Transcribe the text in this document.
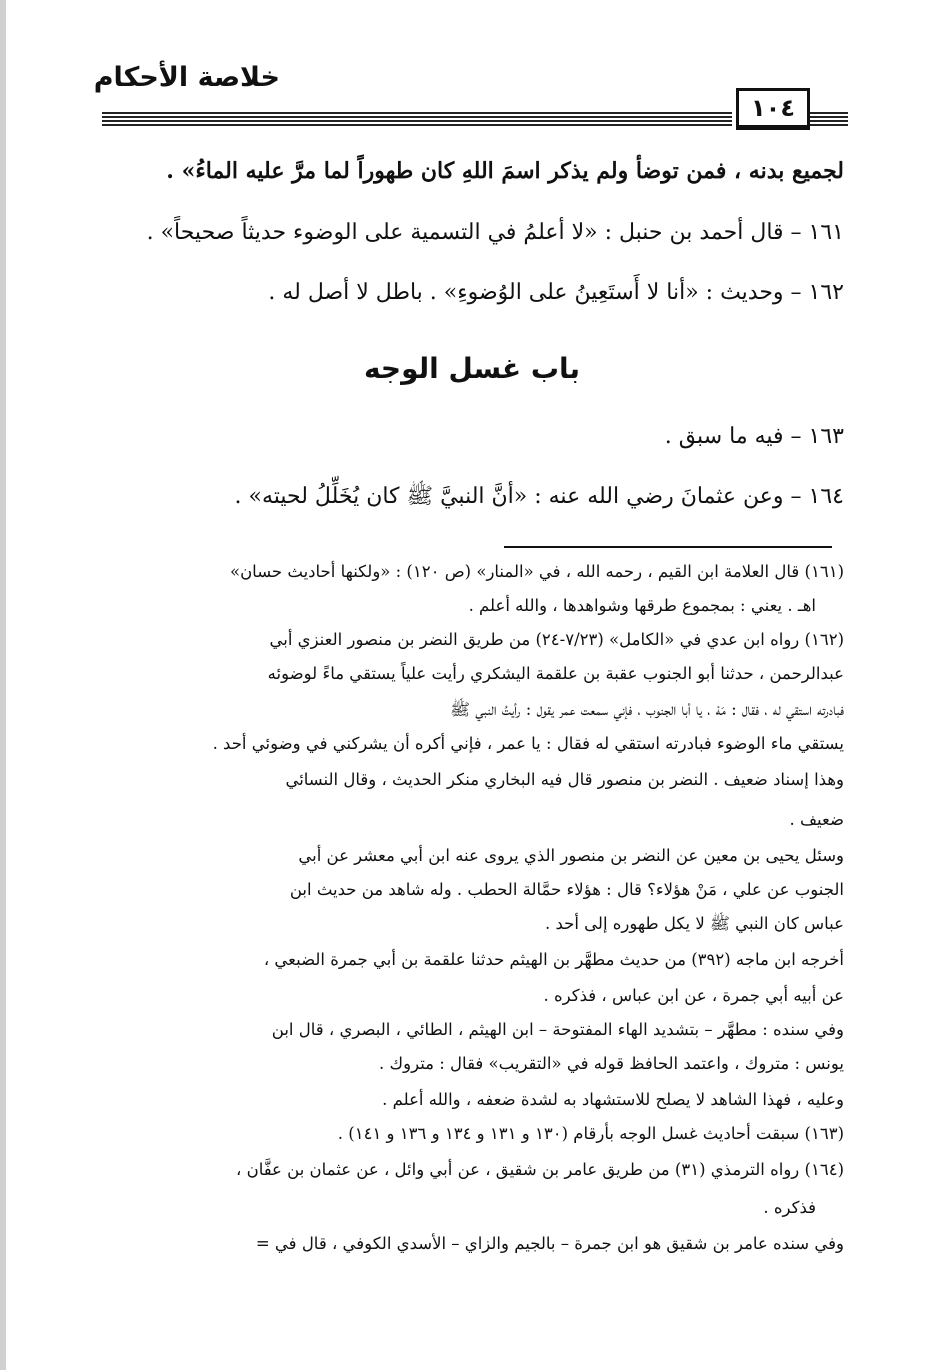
خلاصة الأحكام
١٠٤
لجميع بدنه ، فمن توضأ ولم يذكر اسمَ اللهِ كان طهوراً لما مرَّ عليه الماءُ» .
١٦١ – قال أحمد بن حنبل : «لا أعلمُ في التسمية على الوضوء حديثاً صحيحاً» .
١٦٢ – وحديث : «أنا لا أَستَعِينُ على الوُضوءِ» . باطل لا أصل له .
باب غسل الوجه
١٦٣ – فيه ما سبق .
١٦٤ – وعن عثمانَ رضي الله عنه : «أنَّ النبيَّ ﷺ كان يُخَلِّلُ لحيته» .
(١٦١) قال العلامة ابن القيم ، رحمه الله ، في «المنار» (ص ١٢٠) : «ولكنها أحاديث حسان»
اهـ . يعني : بمجموع طرقها وشواهدها ، والله أعلم .
(١٦٢) رواه ابن عدي في «الكامل» (٧/٢٣-٢٤) من طريق النضر بن منصور العنزي أبي
عبدالرحمن ، حدثنا أبو الجنوب عقبة بن علقمة اليشكري رأيت علياً يستقي ماءً لوضوئه
فبادرته استقي له ، فقال : مَهْ ، يا أبا الجنوب ، فإني سمعت عمر يقول : رأيتُ النبي ﷺ
يستقي ماء الوضوء فبادرته استقي له فقال : يا عمر ، فإني أكره أن يشركني في وضوئي أحد .
وهذا إسناد ضعيف . النضر بن منصور قال فيه البخاري منكر الحديث ، وقال النسائي
ضعيف .
وسئل يحيى بن معين عن النضر بن منصور الذي يروى عنه ابن أبي معشر عن أبي
الجنوب عن علي ، مَنْ هؤلاء؟ قال : هؤلاء حمَّالة الحطب . وله شاهد من حديث ابن
عباس كان النبي ﷺ لا يكل طهوره إلى أحد .
أخرجه ابن ماجه (٣٩٢) من حديث مطهَّر بن الهيثم حدثنا علقمة بن أبي جمرة الضبعي ،
عن أبيه أبي جمرة ، عن ابن عباس ، فذكره .
وفي سنده : مطهَّر – بتشديد الهاء المفتوحة – ابن الهيثم ، الطائي ، البصري ، قال ابن
يونس : متروك ، واعتمد الحافظ قوله في «التقريب» فقال : متروك .
وعليه ، فهذا الشاهد لا يصلح للاستشهاد به لشدة ضعفه ، والله أعلم .
(١٦٣) سبقت أحاديث غسل الوجه بأرقام (١٣٠ و ١٣١ و ١٣٤ و ١٣٦ و ١٤١) .
(١٦٤) رواه الترمذي (٣١) من طريق عامر بن شقيق ، عن أبي وائل ، عن عثمان بن عفَّان ،
فذكره .
وفي سنده عامر بن شقيق هو ابن جمرة – بالجيم والزاي – الأسدي الكوفي ، قال في =
